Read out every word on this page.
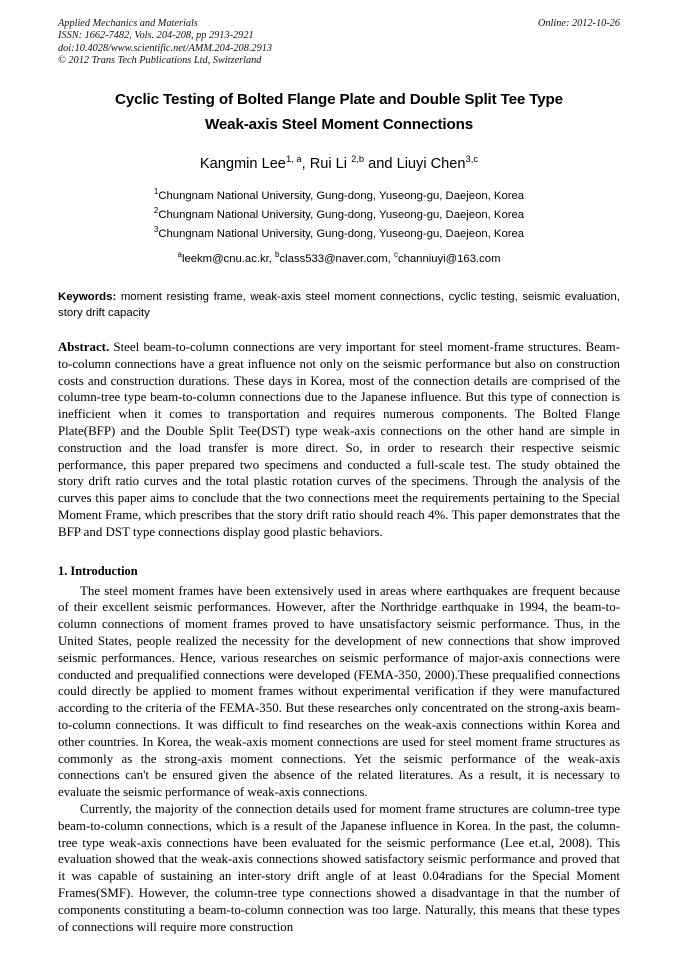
Applied Mechanics and Materials	Online: 2012-10-26
ISSN: 1662-7482, Vols. 204-208, pp 2913-2921
doi:10.4028/www.scientific.net/AMM.204-208.2913
© 2012 Trans Tech Publications Ltd, Switzerland
Cyclic Testing of Bolted Flange Plate and Double Split Tee Type
Weak-axis Steel Moment Connections
Kangmin Lee$^{1, a}$, Rui Li $^{2,b}$ and Liuyi Chen$^{3,c}$
$^1$Chungnam National University, Gung-dong, Yuseong-gu, Daejeon, Korea
$^2$Chungnam National University, Gung-dong, Yuseong-gu, Daejeon, Korea
$^3$Chungnam National University, Gung-dong, Yuseong-gu, Daejeon, Korea
$^a$leekm@cnu.ac.kr, $^b$class533@naver.com, $^c$channiuyi@163.com
Keywords: moment resisting frame, weak-axis steel moment connections, cyclic testing, seismic evaluation, story drift capacity
Abstract. Steel beam-to-column connections are very important for steel moment-frame structures. Beam-to-column connections have a great influence not only on the seismic performance but also on construction costs and construction durations. These days in Korea, most of the connection details are comprised of the column-tree type beam-to-column connections due to the Japanese influence. But this type of connection is inefficient when it comes to transportation and requires numerous components. The Bolted Flange Plate(BFP) and the Double Split Tee(DST) type weak-axis connections on the other hand are simple in construction and the load transfer is more direct. So, in order to research their respective seismic performance, this paper prepared two specimens and conducted a full-scale test. The study obtained the story drift ratio curves and the total plastic rotation curves of the specimens. Through the analysis of the curves this paper aims to conclude that the two connections meet the requirements pertaining to the Special Moment Frame, which prescribes that the story drift ratio should reach 4%. This paper demonstrates that the BFP and DST type connections display good plastic behaviors.
1. Introduction
The steel moment frames have been extensively used in areas where earthquakes are frequent because of their excellent seismic performances. However, after the Northridge earthquake in 1994, the beam-to-column connections of moment frames proved to have unsatisfactory seismic performance. Thus, in the United States, people realized the necessity for the development of new connections that show improved seismic performances. Hence, various researches on seismic performance of major-axis connections were conducted and prequalified connections were developed (FEMA-350, 2000).These prequalified connections could directly be applied to moment frames without experimental verification if they were manufactured according to the criteria of the FEMA-350. But these researches only concentrated on the strong-axis beam-to-column connections. It was difficult to find researches on the weak-axis connections within Korea and other countries. In Korea, the weak-axis moment connections are used for steel moment frame structures as commonly as the strong-axis moment connections. Yet the seismic performance of the weak-axis connections can't be ensured given the absence of the related literatures. As a result, it is necessary to evaluate the seismic performance of weak-axis connections.
Currently, the majority of the connection details used for moment frame structures are column-tree type beam-to-column connections, which is a result of the Japanese influence in Korea. In the past, the column-tree type weak-axis connections have been evaluated for the seismic performance (Lee et.al, 2008). This evaluation showed that the weak-axis connections showed satisfactory seismic performance and proved that it was capable of sustaining an inter-story drift angle of at least 0.04radians for the Special Moment Frames(SMF). However, the column-tree type connections showed a disadvantage in that the number of components constituting a beam-to-column connection was too large. Naturally, this means that these types of connections will require more construction
